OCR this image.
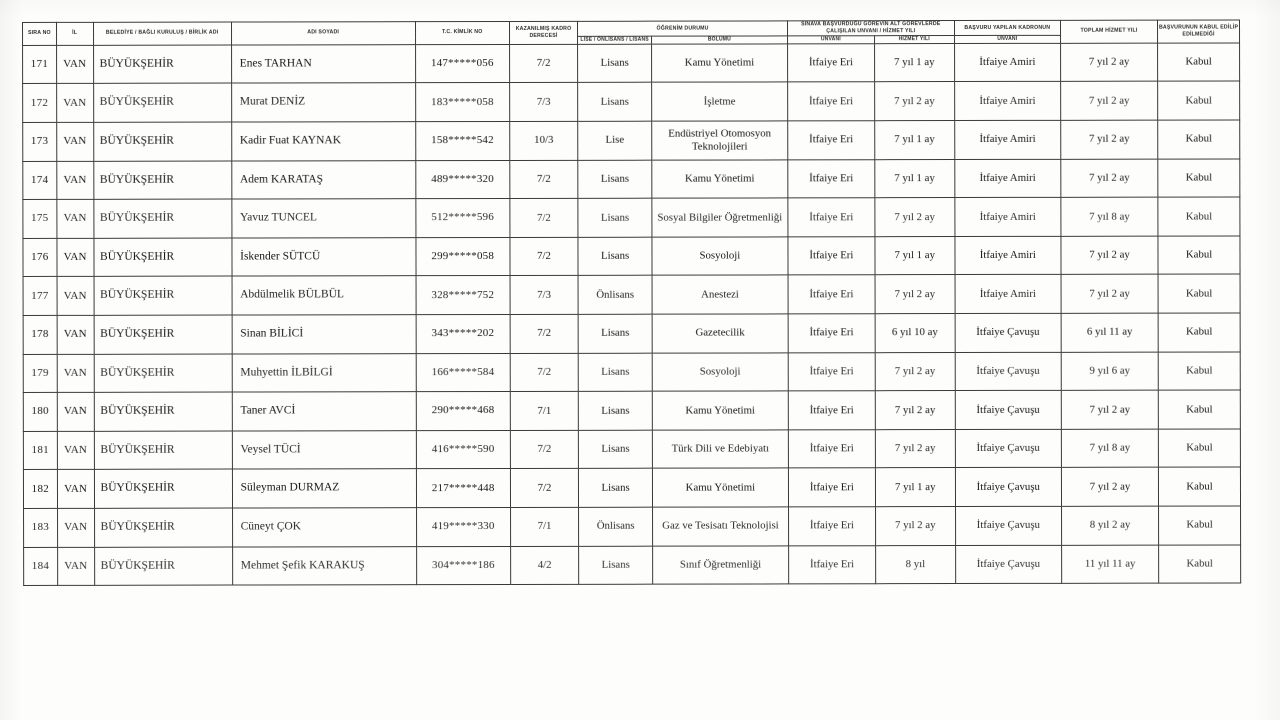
SIRA NO	İL	BELEDİYE / BAĞLI KURULUŞ / BİRLİK ADI	ADI SOYADI	T.C. KİMLİK NO	KAZANILMIŞ KADRO DERECESİ	ÖĞRENİM DURUMU		SINAVA BAŞVURDUĞU GÖREVİN ALT GÖREVLERDE ÇALIŞILAN UNVANI / HİZMET YILI		BAŞVURU YAPILAN KADRONUN	TOPLAM HİZMET YILI	BAŞVURUNUN KABUL EDİLİP EDİLMEDİĞİ
						LİSE / ÖNLİSANS / LİSANS	BÖLÜMÜ	UNVANI	HİZMET YILI	UNVANI		

171	VAN	BÜYÜKŞEHİR	Enes TARHAN	147*****056	7/2	Lisans	Kamu Yönetimi	İtfaiye Eri	7 yıl 1 ay	İtfaiye Amiri	7 yıl 2 ay	Kabul

172	VAN	BÜYÜKŞEHİR	Murat DENİZ	183*****058	7/3	Lisans	İşletme	İtfaiye Eri	7 yıl 2 ay	İtfaiye Amiri	7 yıl 2 ay	Kabul

173	VAN	BÜYÜKŞEHİR	Kadir Fuat KAYNAK	158*****542	10/3	Lise	Endüstriyel Otomosyon Teknolojileri	İtfaiye Eri	7 yıl 1 ay	İtfaiye Amiri	7 yıl 2 ay	Kabul

174	VAN	BÜYÜKŞEHİR	Adem KARATAŞ	489*****320	7/2	Lisans	Kamu Yönetimi	İtfaiye Eri	7 yıl 1 ay	İtfaiye Amiri	7 yıl 2 ay	Kabul

175	VAN	BÜYÜKŞEHİR	Yavuz TUNCEL	512*****596	7/2	Lisans	Sosyal Bilgiler Öğretmenliği	İtfaiye Eri	7 yıl 2 ay	İtfaiye Amiri	7 yıl 8 ay	Kabul

176	VAN	BÜYÜKŞEHİR	İskender SÜTCÜ	299*****058	7/2	Lisans	Sosyoloji	İtfaiye Eri	7 yıl 1 ay	İtfaiye Amiri	7 yıl 2 ay	Kabul

177	VAN	BÜYÜKŞEHİR	Abdülmelik BÜLBÜL	328*****752	7/3	Önlisans	Anestezi	İtfaiye Eri	7 yıl 2 ay	İtfaiye Amiri	7 yıl 2 ay	Kabul

178	VAN	BÜYÜKŞEHİR	Sinan BİLİCİ	343*****202	7/2	Lisans	Gazetecilik	İtfaiye Eri	6 yıl 10 ay	İtfaiye Çavuşu	6 yıl 11 ay	Kabul

179	VAN	BÜYÜKŞEHİR	Muhyettin İLBİLGİ	166*****584	7/2	Lisans	Sosyoloji	İtfaiye Eri	7 yıl 2 ay	İtfaiye Çavuşu	9 yıl 6 ay	Kabul

180	VAN	BÜYÜKŞEHİR	Taner AVCİ	290*****468	7/1	Lisans	Kamu Yönetimi	İtfaiye Eri	7 yıl 2 ay	İtfaiye Çavuşu	7 yıl 2 ay	Kabul

181	VAN	BÜYÜKŞEHİR	Veysel TÜCİ	416*****590	7/2	Lisans	Türk Dili ve Edebiyatı	İtfaiye Eri	7 yıl 2 ay	İtfaiye Çavuşu	7 yıl 8 ay	Kabul

182	VAN	BÜYÜKŞEHİR	Süleyman DURMAZ	217*****448	7/2	Lisans	Kamu Yönetimi	İtfaiye Eri	7 yıl 1 ay	İtfaiye Çavuşu	7 yıl 2 ay	Kabul

183	VAN	BÜYÜKŞEHİR	Cüneyt ÇOK	419*****330	7/1	Önlisans	Gaz ve Tesisatı Teknolojisi	İtfaiye Eri	7 yıl 2 ay	İtfaiye Çavuşu	8 yıl 2 ay	Kabul

184	VAN	BÜYÜKŞEHİR	Mehmet Şefik KARAKUŞ	304*****186	4/2	Lisans	Sınıf Öğretmenliği	İtfaiye Eri	8 yıl	İtfaiye Çavuşu	11 yıl 11 ay	Kabul
